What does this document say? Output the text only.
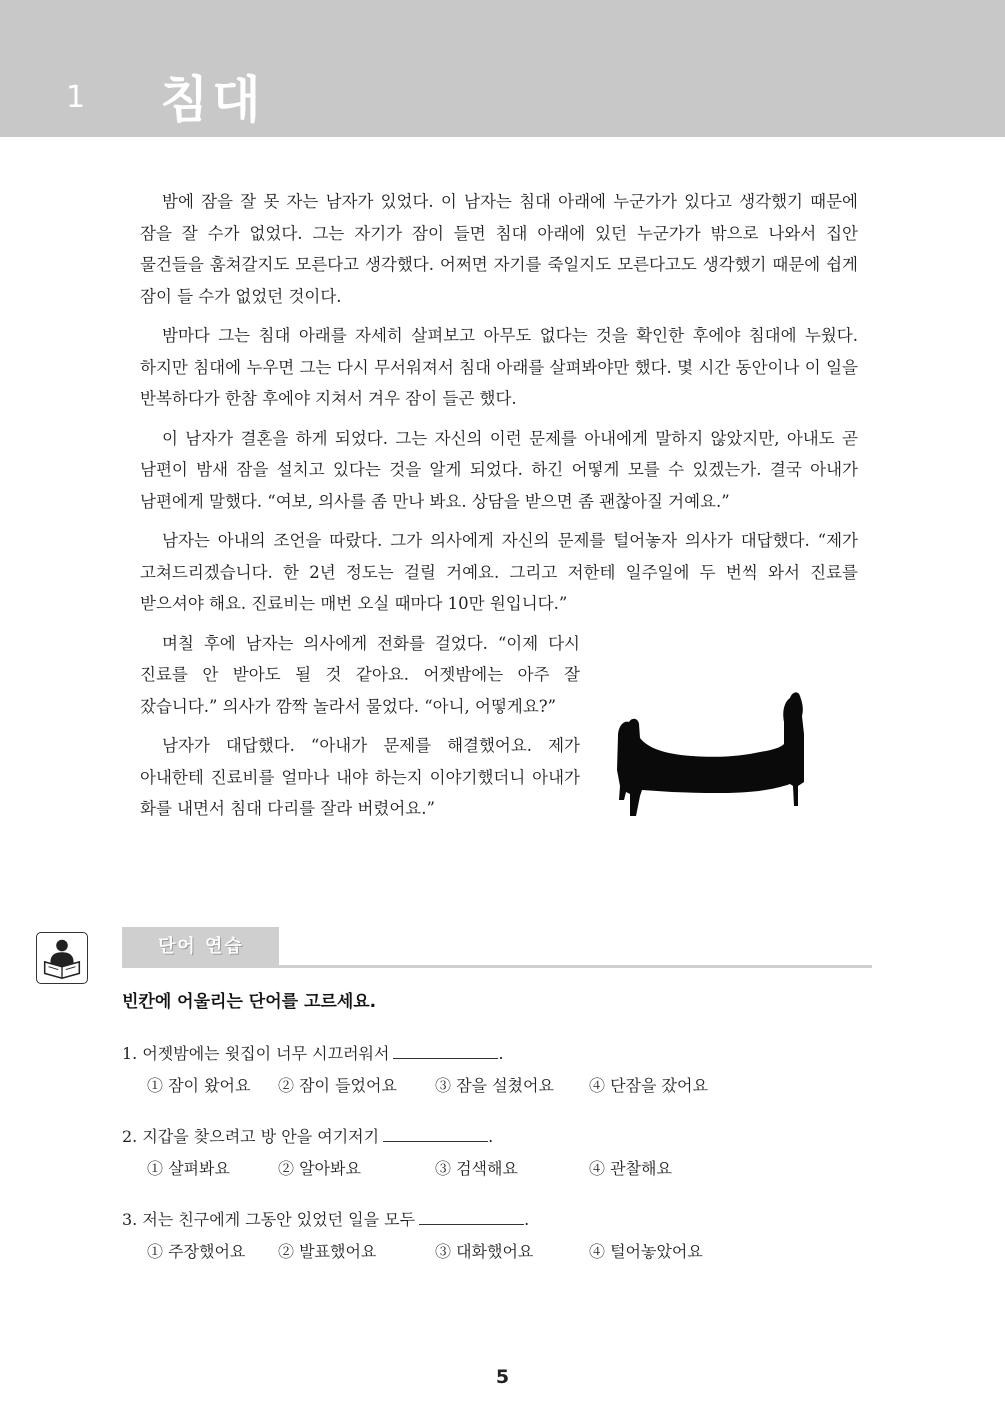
1 침대

밤에 잠을 잘 못 자는 남자가 있었다. 이 남자는 침대 아래에 누군가가 있다고 생각했기 때문에 잠을 잘 수가 없었다. 그는 자기가 잠이 들면 침대 아래에 있던 누군가가 밖으로 나와서 집안 물건들을 훔쳐갈지도 모른다고 생각했다. 어쩌면 자기를 죽일지도 모른다고도 생각했기 때문에 쉽게 잠이 들 수가 없었던 것이다.

밤마다 그는 침대 아래를 자세히 살펴보고 아무도 없다는 것을 확인한 후에야 침대에 누웠다. 하지만 침대에 누우면 그는 다시 무서워져서 침대 아래를 살펴봐야만 했다. 몇 시간 동안이나 이 일을 반복하다가 한참 후에야 지쳐서 겨우 잠이 들곤 했다.

이 남자가 결혼을 하게 되었다. 그는 자신의 이런 문제를 아내에게 말하지 않았지만, 아내도 곧 남편이 밤새 잠을 설치고 있다는 것을 알게 되었다. 하긴 어떻게 모를 수 있겠는가. 결국 아내가 남편에게 말했다. “여보, 의사를 좀 만나 봐요. 상담을 받으면 좀 괜찮아질 거예요.”

남자는 아내의 조언을 따랐다. 그가 의사에게 자신의 문제를 털어놓자 의사가 대답했다. “제가 고쳐드리겠습니다. 한 2년 정도는 걸릴 거예요. 그리고 저한테 일주일에 두 번씩 와서 진료를 받으셔야 해요. 진료비는 매번 오실 때마다 10만 원입니다.”

며칠 후에 남자는 의사에게 전화를 걸었다. “이제 다시 진료를 안 받아도 될 것 같아요. 어젯밤에는 아주 잘 잤습니다.” 의사가 깜짝 놀라서 물었다. “아니, 어떻게요?”

남자가 대답했다. “아내가 문제를 해결했어요. 제가 아내한테 진료비를 얼마나 내야 하는지 이야기했더니 아내가 화를 내면서 침대 다리를 잘라 버렸어요.”

단어 연습
빈칸에 어울리는 단어를 고르세요.
1. 어젯밤에는 윗집이 너무 시끄러워서	.
① 잠이 왔어요 ② 잠이 들었어요 ③ 잠을 설쳤어요 ④ 단잠을 잤어요
2. 지갑을 찾으려고 방 안을 여기저기	.
① 살펴봐요	② 알아봐요	③ 검색해요	④ 관찰해요
3. 저는 친구에게 그동안 있었던 일을 모두	.
① 주장했어요 ② 발표했어요	③ 대화했어요	④ 털어놓았어요
5
